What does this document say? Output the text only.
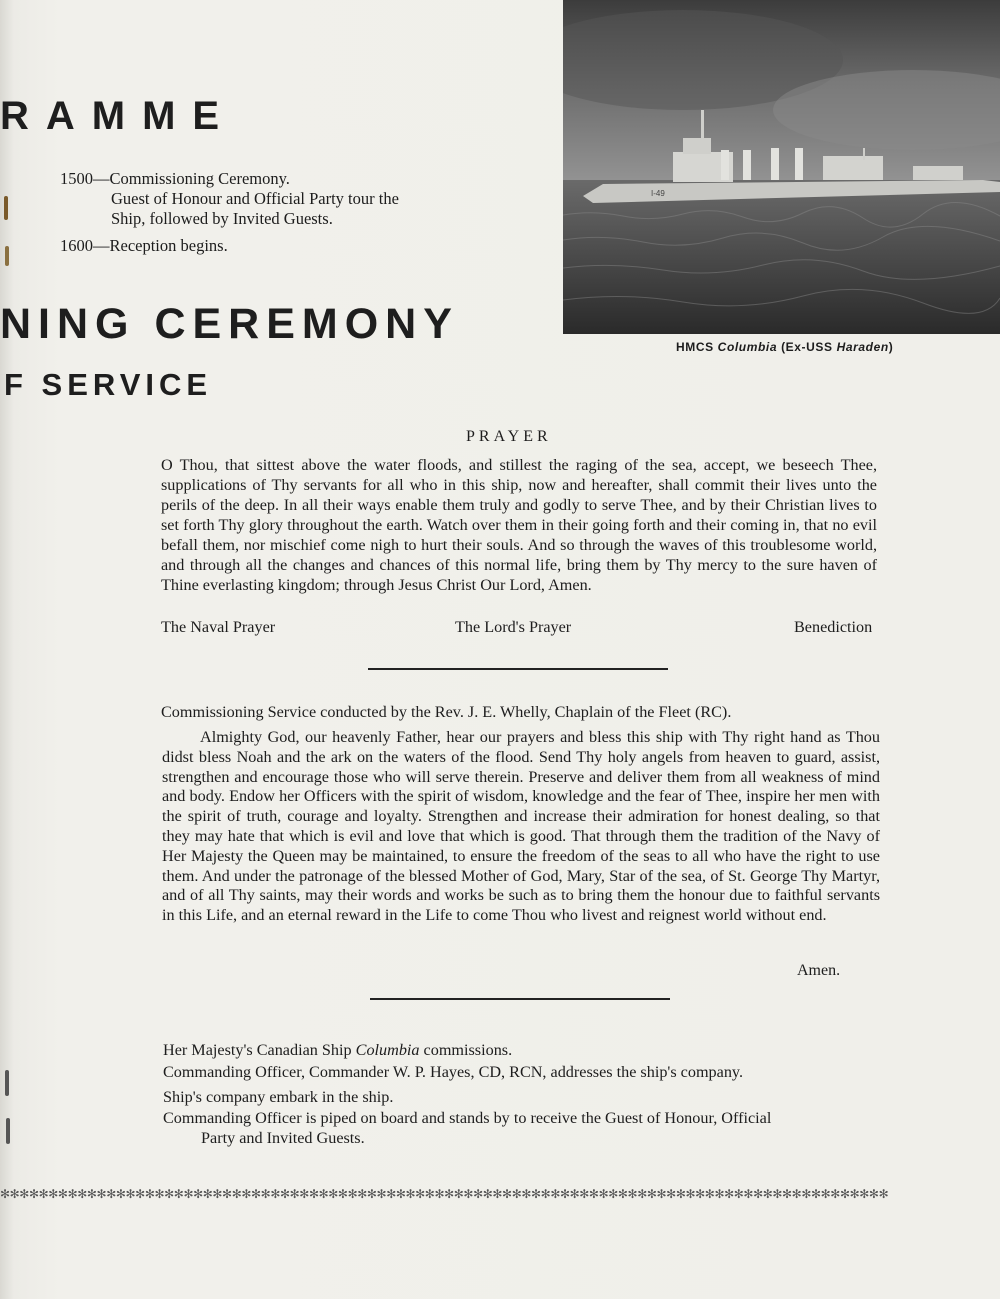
RAMME
1500—Commissioning Ceremony.
Guest of Honour and Official Party tour the
Ship, followed by Invited Guests.
1600—Reception begins.
NING CEREMONY
F SERVICE
I-49
HMCS Columbia (Ex-USS Haraden)
PRAYER
O Thou, that sittest above the water floods, and stillest the raging of the sea, accept, we beseech Thee, supplications of Thy servants for all who in this ship, now and hereafter, shall commit their lives unto the perils of the deep. In all their ways enable them truly and godly to serve Thee, and by their Christian lives to set forth Thy glory throughout the earth. Watch over them in their going forth and their coming in, that no evil befall them, nor mischief come nigh to hurt their souls. And so through the waves of this troublesome world, and through all the changes and chances of this normal life, bring them by Thy mercy to the sure haven of Thine everlasting kingdom; through Jesus Christ Our Lord, Amen.
The Naval Prayer	The Lord's Prayer	Benediction
Commissioning Service conducted by the Rev. J. E. Whelly, Chaplain of the Fleet (RC).
Almighty God, our heavenly Father, hear our prayers and bless this ship with Thy right hand as Thou didst bless Noah and the ark on the waters of the flood. Send Thy holy angels from heaven to guard, assist, strengthen and encourage those who will serve therein. Preserve and deliver them from all weakness of mind and body. Endow her Officers with the spirit of wisdom, knowledge and the fear of Thee, inspire her men with the spirit of truth, courage and loyalty. Strengthen and increase their admiration for honest dealing, so that they may hate that which is evil and love that which is good. That through them the tradition of the Navy of Her Majesty the Queen may be maintained, to ensure the freedom of the seas to all who have the right to use them. And under the patronage of the blessed Mother of God, Mary, Star of the sea, of St. George Thy Martyr, and of all Thy saints, may their words and works be such as to bring them the honour due to faithful servants in this Life, and an eternal reward in the Life to come Thou who livest and reignest world without end.
Amen.
Her Majesty's Canadian Ship Columbia commissions.
Commanding Officer, Commander W. P. Hayes, CD, RCN, addresses the ship's company.
Ship's company embark in the ship.
Commanding Officer is piped on board and stands by to receive the Guest of Honour, Official
Party and Invited Guests.
✻✻✻✻✻✻✻✻✻✻✻✻✻✻✻✻✻✻✻✻✻✻✻✻✻✻✻✻✻✻✻✻✻✻✻✻✻✻✻✻✻✻✻✻✻✻✻✻✻✻✻✻✻✻✻✻✻✻✻✻✻✻✻✻✻✻✻✻✻✻✻✻✻✻✻✻✻✻✻✻✻✻✻✻✻✻✻✻✻✻✻✻
